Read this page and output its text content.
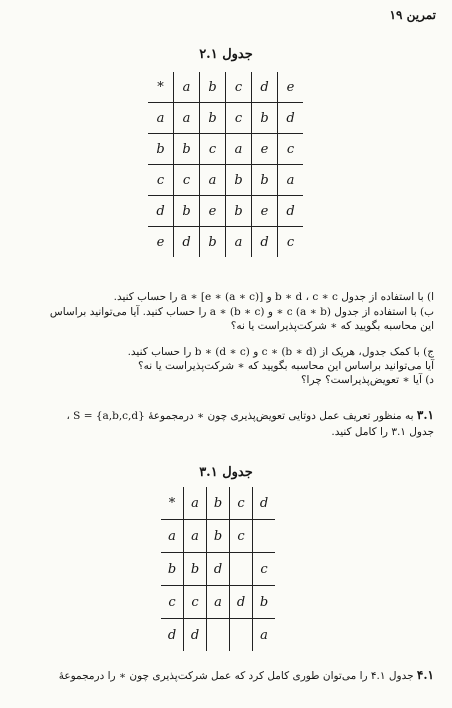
تمرین ۱۹
جدول ۲.۱
*	a	b	c	d	e
a	a	b	c	b	d
b	b	c	a	e	c
c	c	a	b	b	a
d	b	e	b	e	d
e	d	b	a	d	c
ا) با استفاده از جدول b ∗ d ، c ∗ c و [(a ∗ c) ∗ e] ∗ a را حساب کنید.
ب) با استفاده از جدول c (a ∗ b) ∗ و (b ∗ c) ∗ a را حساب کنید. آیا می‌توانید براساس
این محاسبه بگویید که ∗ شرکت‌پذیراست یا نه؟
ج) با کمک جدول، هریک از c ∗ (b ∗ d) و (d ∗ c) ∗ b را حساب کنید.
آیا می‌توانید براساس این محاسبه بگویید که ∗ شرکت‌پذیراست یا نه؟
د) آیا ∗ تعویض‌پذیراست؟ چرا؟
۳.۱ به منظور تعریف عمل دوتایی تعویض‌پذیری چون ∗ درمجموعهٔ {S = {a,b,c,d ،
جدول ۳.۱ را کامل کنید.
جدول ۳.۱
*	a	b	c	d
a	a	b	c	
b	b	d		c
c	c	a	d	b
d	d			a
۴.۱ جدول ۴.۱ را می‌توان طوری کامل کرد که عمل شرکت‌پذیری چون ∗ را درمجموعهٔ
